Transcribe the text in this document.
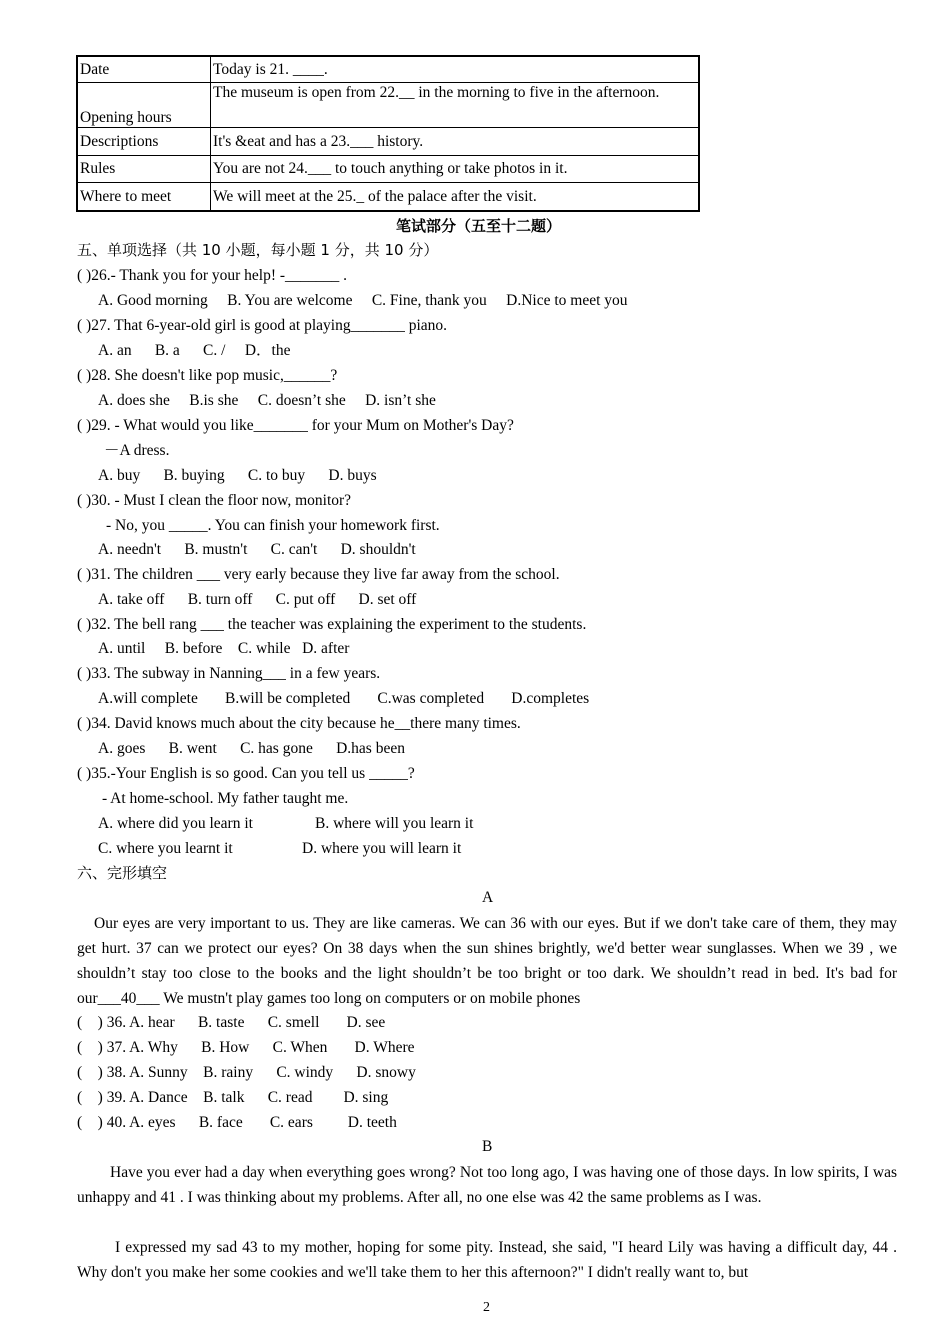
Date	Today is 21. ____.
Opening hours	The museum is open from 22.__ in the morning to five in the afternoon.
Descriptions	It's &eat and has a 23.___ history.
Rules	You are not 24.___ to touch anything or take photos in it.
Where to meet	We will meet at the 25._ of the palace after the visit.
笔试部分（五至十二题）
五、单项选择（共 10 小题，每小题 1 分，共 10 分）
( )26.- Thank you for your help! -_______ .
A. Good morning B. You are welcome C. Fine, thank you D.Nice to meet you
( )27. That 6-year-old girl is good at playing_______ piano.
A. an B. a C. / D．the
( )28. She doesn't like pop music,______?
A. does she B.is she C. doesn’t she D. isn’t she
( )29. - What would you like_______ for your Mum on Mother's Day?
－A dress.
A. buy B. buying C. to buy D. buys
( )30. - Must I clean the floor now, monitor?
- No, you _____. You can finish your homework first.
A. needn't B. mustn't C. can't D. shouldn't
( )31. The children ___ very early because they live far away from the school.
A. take off B. turn off C. put off D. set off
( )32. The bell rang ___ the teacher was explaining the experiment to the students.
A. until B. before C. while D. after
( )33. The subway in Nanning___ in a few years.
A.will complete B.will be completed C.was completed D.completes
( )34. David knows much about the city because he__there many times.
A. goes B. went C. has gone D.has been
( )35.-Your English is so good. Can you tell us _____?
- At home-school. My father taught me.
A. where did you learn it	B. where will you learn it
C. where you learnt it	D. where you will learn it
六、完形填空
A
Our eyes are very important to us. They are like cameras. We can 36 with our eyes. But if we don't take care of them, they may get hurt. 37 can we protect our eyes? On 38 days when the sun shines brightly, we'd better wear sunglasses. When we 39 , we shouldn’t stay too close to the books and the light shouldn’t be too bright or too dark. We shouldn’t read in bed. It's bad for our___40___ We mustn't play games too long on computers or on mobile phones
(    ) 36. A. hear      B. taste      C. smell       D. see
(    ) 37. A. Why      B. How      C. When       D. Where
(    ) 38. A. Sunny    B. rainy      C. windy      D. snowy
(    ) 39. A. Dance    B. talk      C. read        D. sing
(    ) 40. A. eyes      B. face       C. ears         D. teeth
B
Have you ever had a day when everything goes wrong? Not too long ago, I was having one of those days. In low spirits, I was unhappy and 41 . I was thinking about my problems. After all, no one else was 42 the same problems as I was.
I expressed my sad 43 to my mother, hoping for some pity. Instead, she said, "I heard Lily was having a difficult day, 44 . Why don't you make her some cookies and we'll take them to her this afternoon?" I didn't really want to, but
2
